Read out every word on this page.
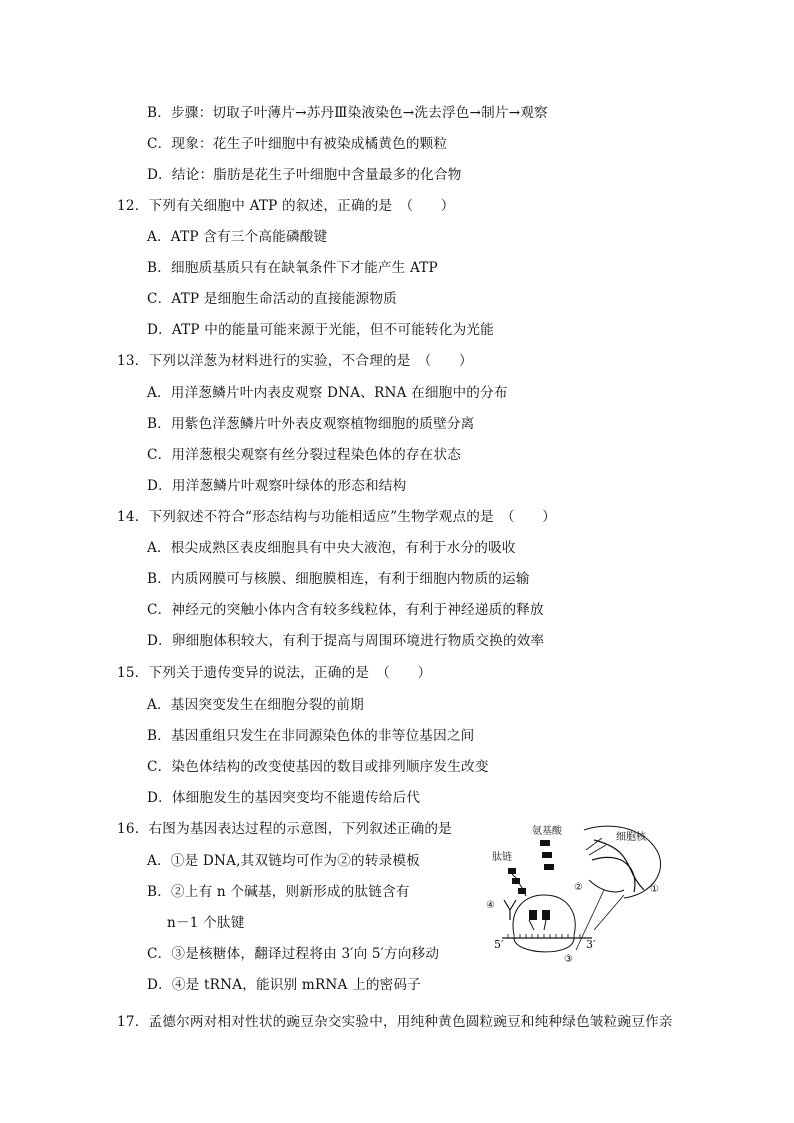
B．步骤：切取子叶薄片→苏丹Ⅲ染液染色→洗去浮色→制片→观察
C．现象：花生子叶细胞中有被染成橘黄色的颗粒
D．结论：脂肪是花生子叶细胞中含量最多的化合物
12．下列有关细胞中 ATP 的叙述，正确的是　（　　）
A．ATP 含有三个高能磷酸键
B．细胞质基质只有在缺氧条件下才能产生 ATP
C．ATP 是细胞生命活动的直接能源物质
D．ATP 中的能量可能来源于光能，但不可能转化为光能
13．下列以洋葱为材料进行的实验，不合理的是　（　　）
A．用洋葱鳞片叶内表皮观察 DNA、RNA 在细胞中的分布
B．用紫色洋葱鳞片叶外表皮观察植物细胞的质壁分离
C．用洋葱根尖观察有丝分裂过程染色体的存在状态
D．用洋葱鳞片叶观察叶绿体的形态和结构
14．下列叙述不符合“形态结构与功能相适应”生物学观点的是　（　　）
A．根尖成熟区表皮细胞具有中央大液泡，有利于水分的吸收
B．内质网膜可与核膜、细胞膜相连，有利于细胞内物质的运输
C．神经元的突触小体内含有较多线粒体，有利于神经递质的释放
D．卵细胞体积较大，有利于提高与周围环境进行物质交换的效率
15．下列关于遗传变异的说法，正确的是　（　　）
A．基因突变发生在细胞分裂的前期
B．基因重组只发生在非同源染色体的非等位基因之间
C．染色体结构的改变使基因的数目或排列顺序发生改变
D．体细胞发生的基因突变均不能遗传给后代
16．右图为基因表达过程的示意图，下列叙述正确的是
A．①是 DNA,其双链均可作为②的转录模板
B．②上有 n 个碱基，则新形成的肽链含有
n－1 个肽键
C．③是核糖体，翻译过程将由 3′向 5′方向移动
D．④是 tRNA，能识别 mRNA 上的密码子
氨基酸
细胞核
肽链
5′	3′
②	①
④
③
17．孟德尔两对相对性状的豌豆杂交实验中，用纯种黄色圆粒豌豆和纯种绿色皱粒豌豆作亲
